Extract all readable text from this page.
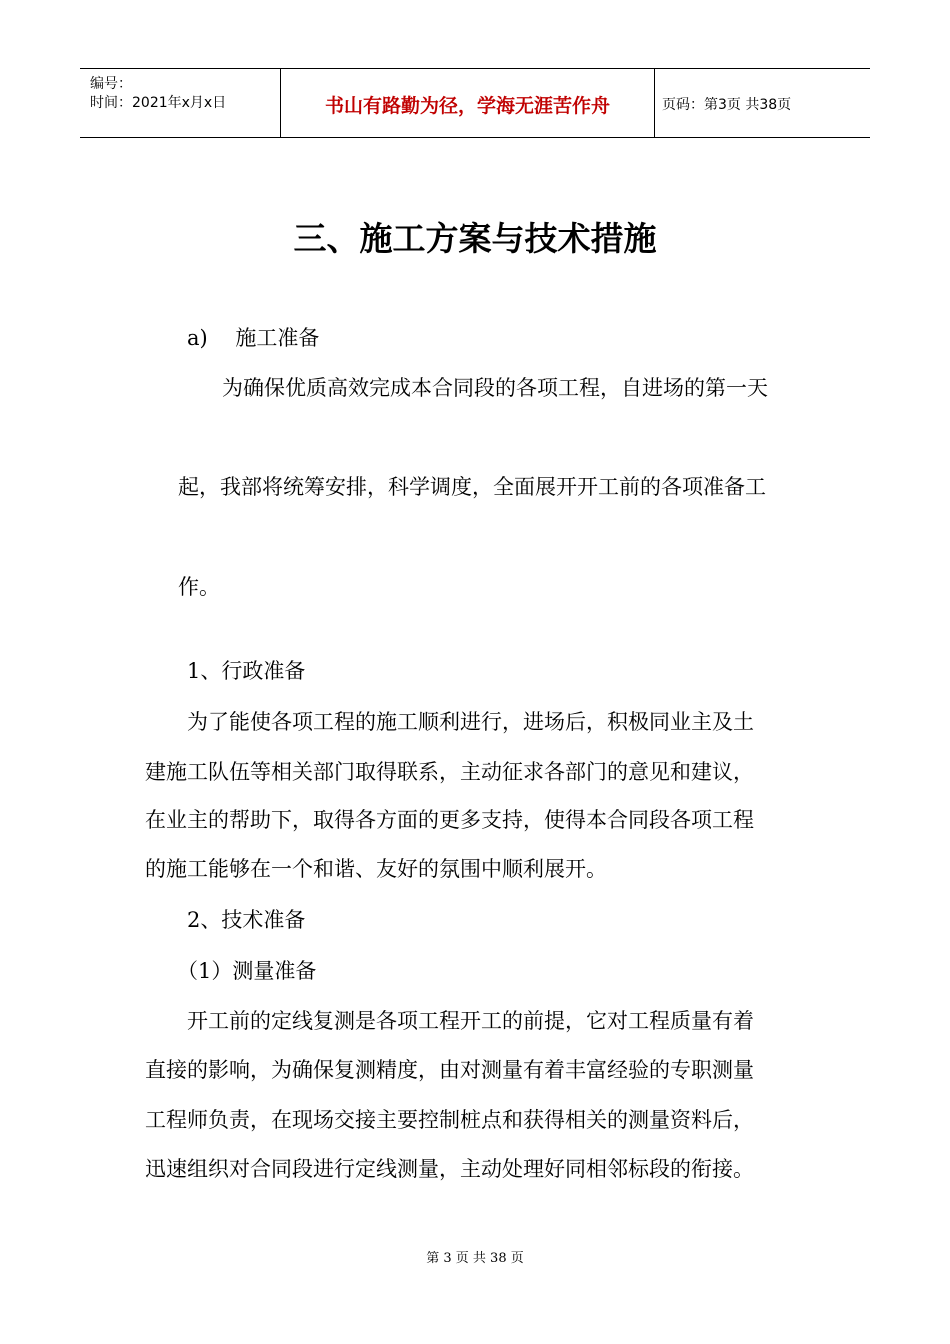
编号：
时间：2021年x月x日	书山有路勤为径，学海无涯苦作舟	页码：第3页 共38页
三、施工方案与技术措施
a)　 施工准备
为确保优质高效完成本合同段的各项工程，自进场的第一天
起，我部将统筹安排，科学调度，全面展开开工前的各项准备工
作。
1、行政准备
为了能使各项工程的施工顺利进行，进场后，积极同业主及土
建施工队伍等相关部门取得联系，主动征求各部门的意见和建议，
在业主的帮助下，取得各方面的更多支持，使得本合同段各项工程
的施工能够在一个和谐、友好的氛围中顺利展开。
2、技术准备
（1）测量准备
开工前的定线复测是各项工程开工的前提，它对工程质量有着
直接的影响，为确保复测精度，由对测量有着丰富经验的专职测量
工程师负责，在现场交接主要控制桩点和获得相关的测量资料后，
迅速组织对合同段进行定线测量，主动处理好同相邻标段的衔接。
第 3 页 共 38 页
